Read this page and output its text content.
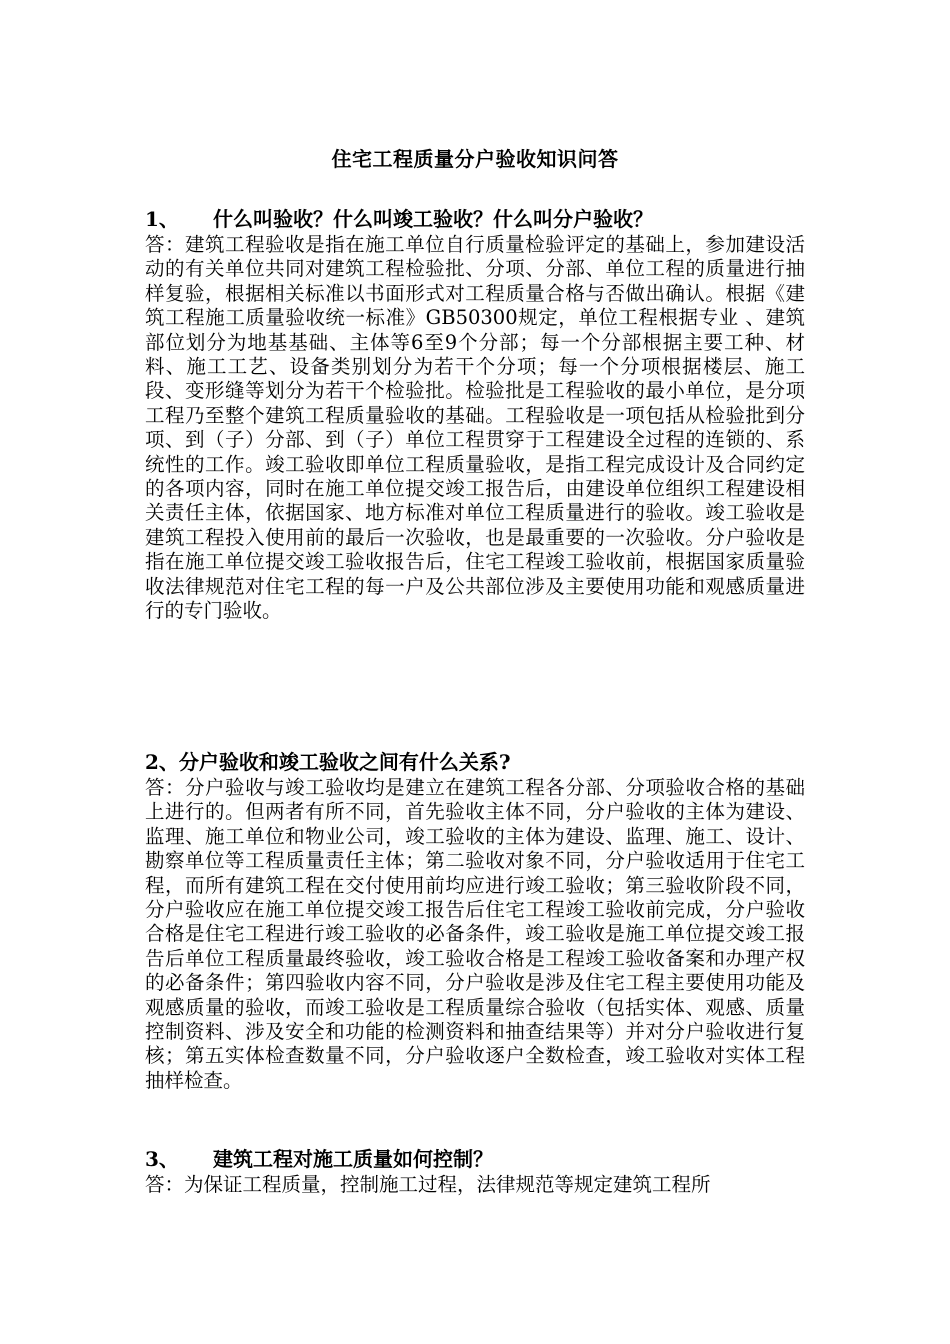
住宅工程质量分户验收知识问答
1、 什么叫验收？什么叫竣工验收？什么叫分户验收？
答：建筑工程验收是指在施工单位自行质量检验评定的基础上，参加建设活动的有关单位共同对建筑工程检验批、分项、分部、单位工程的质量进行抽样复验，根据相关标准以书面形式对工程质量合格与否做出确认。根据《建筑工程施工质量验收统一标准》GB50300规定，单位工程根据专业 、建筑部位划分为地基基础、主体等6至9个分部；每一个分部根据主要工种、材料、施工工艺、设备类别划分为若干个分项；每一个分项根据楼层、施工段、变形缝等划分为若干个检验批。检验批是工程验收的最小单位，是分项工程乃至整个建筑工程质量验收的基础。工程验收是一项包括从检验批到分项、到（子）分部、到（子）单位工程贯穿于工程建设全过程的连锁的、系统性的工作。竣工验收即单位工程质量验收，是指工程完成设计及合同约定的各项内容，同时在施工单位提交竣工报告后，由建设单位组织工程建设相关责任主体，依据国家、地方标准对单位工程质量进行的验收。竣工验收是建筑工程投入使用前的最后一次验收，也是最重要的一次验收。分户验收是指在施工单位提交竣工验收报告后，住宅工程竣工验收前，根据国家质量验收法律规范对住宅工程的每一户及公共部位涉及主要使用功能和观感质量进行的专门验收。
2、分户验收和竣工验收之间有什么关系?
答：分户验收与竣工验收均是建立在建筑工程各分部、分项验收合格的基础上进行的。但两者有所不同，首先验收主体不同，分户验收的主体为建设、监理、施工单位和物业公司，竣工验收的主体为建设、监理、施工、设计、勘察单位等工程质量责任主体；第二验收对象不同，分户验收适用于住宅工程，而所有建筑工程在交付使用前均应进行竣工验收；第三验收阶段不同，分户验收应在施工单位提交竣工报告后住宅工程竣工验收前完成，分户验收合格是住宅工程进行竣工验收的必备条件，竣工验收是施工单位提交竣工报告后单位工程质量最终验收，竣工验收合格是工程竣工验收备案和办理产权的必备条件；第四验收内容不同，分户验收是涉及住宅工程主要使用功能及观感质量的验收，而竣工验收是工程质量综合验收（包括实体、观感、质量控制资料、涉及安全和功能的检测资料和抽查结果等）并对分户验收进行复核；第五实体检查数量不同，分户验收逐户全数检查，竣工验收对实体工程抽样检查。
3、 建筑工程对施工质量如何控制？
答：为保证工程质量，控制施工过程，法律规范等规定建筑工程所
